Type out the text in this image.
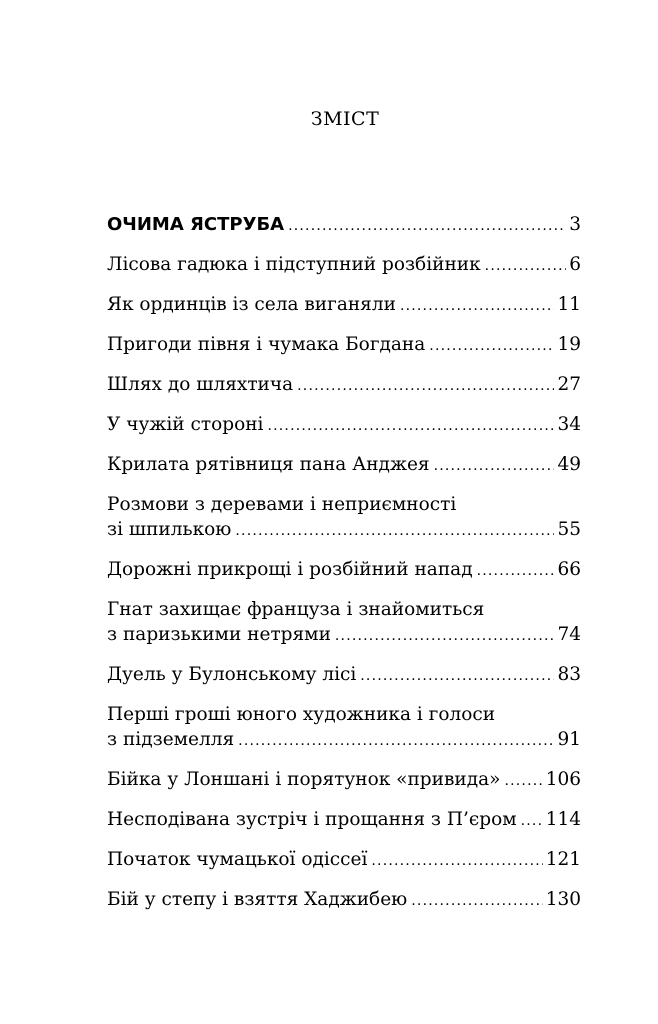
ЗМІСТ
ОЧИМА ЯСТРУБА .....	3
Лісова гадюка і підступний розбійник .....	6
Як ординців із села виганяли .....	11
Пригоди півня і чумака Богдана .....	19
Шлях до шляхтича .....	27
У чужій стороні .....	34
Крилата рятівниця пана Анджея .....	49
Розмови з деревами і неприємності
зі шпилькою .....	55
Дорожні прикрощі і розбійний напад .....	66
Гнат захищає француза і знайомиться
з паризькими нетрями .....	74
Дуель у Булонському лісі .....	83
Перші гроші юного художника і голоси
з підземелля .....	91
Бійка у Лоншані і порятунок «привида» ..... 106
Несподівана зустріч і прощання з П’єром ..... 114
Початок чумацької одіссеї .....	121
Бій у степу і взяття Хаджибею .....	130
